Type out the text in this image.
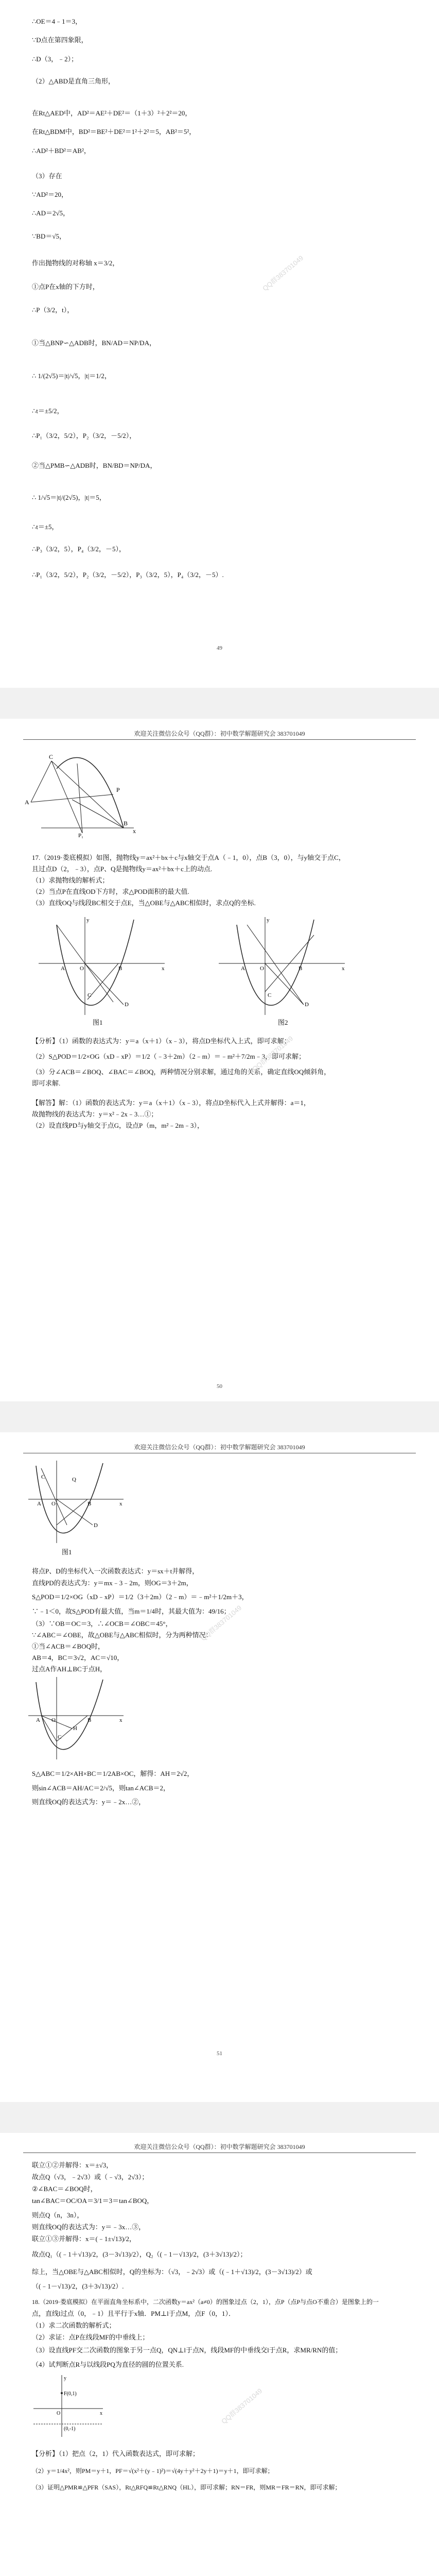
∴OE＝4﹣1＝3，
∵D点在第四象限，
∴D（3，﹣2）；
（2）△ABD是直角三角形，
在Rt△AED中，AD²＝AE²＋DE²＝（1＋3）²＋2²＝20，
在Rt△BDM中，BD²＝BE²＋DE²＝1²＋2²＝5，AB²＝5²，
∴AD²＋BD²＝AB²，
（3）存在
∵AD²＝20，
∴AD＝2√5，
∵BD＝√5，
作出抛物线的对称轴 x＝3/2，
①点P在x轴的下方时，
∴P（3/2，t），
①当△BNP∽△ADB时，BN/AD＝NP/DA，
∴ 1/(2√5)＝|t|/√5，|t|＝1/2，
∴t＝±5/2，
∴P₁（3/2，5/2），P₂（3/2，－5/2），
②当△PMB∽△ADB时，BN/BD＝NP/DA，
∴ 1/√5＝|t|/(2√5)，|t|＝5，
∴t＝±5，
∴P₃（3/2，5），P₄（3/2，－5），
∴P₁（3/2，5/2），P₂（3/2，－5/2），P₃（3/2，5），P₄（3/2，－5）.
QQ群383701049
49
欢迎关注微信公众号（QQ群）：初中数学解题研究会 383701049
C
P
A
B
x
P₁
17.（2019·娄底模拟）如图，抛物线y＝ax²＋bx＋c与x轴交于点A（﹣1，0），点B（3，0），与y轴交于点C，
且过点D（2，﹣3），点P、Q是抛物线y＝ax²＋bx＋c上的动点.
（1）求抛物线的解析式；
（2）当点P在直线OD下方时，求△POD面积的最大值.
（3）直线OQ与线段BC相交于点E，当△OBE与△ABC相似时，求点Q的坐标.
A	O	B
C
D
x
y
图1
A	O	B
C
D
x
y
图2
【分析】（1）函数的表达式为：y＝a（x＋1）（x﹣3），将点D坐标代入上式，即可求解；
（2）S△POD＝1/2×OG（xD﹣xP）＝1/2（﹣3＋2m）（2﹣m）＝﹣m²＋7/2m﹣3，即可求解；
（3）分∠ACB＝∠BOQ、∠BAC＝∠BOQ，两种情况分别求解，通过角的关系，确定直线OQ倾斜角，
即可求解.
【解答】解：（1）函数的表达式为：y＝a（x＋1）（x﹣3），将点D坐标代入上式并解得：a＝1，
故抛物线的表达式为：y＝x²﹣2x﹣3…①；
（2）设直线PD与y轴交于点G，设点P（m，m²﹣2m﹣3），
QQ群383701049
50
欢迎关注微信公众号（QQ群）：初中数学解题研究会 383701049
C	Q
A O	B	x
D
图1
将点P、D的坐标代入一次函数表达式：y＝sx＋t并解得，
直线PD的表达式为：y＝mx﹣3﹣2m，则OG＝3＋2m，
S△POD＝1/2×OG（xD﹣xP）＝1/2（3＋2m）（2﹣m）＝﹣m²＋1/2m＋3，
∵﹣1＜0，故S△POD有最大值，当m＝1/4时，其最大值为：49/16；
（3）∵OB＝OC＝3，∴∠OCB＝∠OBC＝45°，
∵∠ABC＝∠OBE，故△OBE与△ABC相似时，分为两种情况：
①当∠ACB＝∠BOQ时，
AB＝4，BC＝3√2，AC＝√10，
过点A作AH⊥BC于点H，
C
H
A O	B	x
S△ABC＝1/2×AH×BC＝1/2AB×OC，解得：AH＝2√2，
则sin∠ACB＝AH/AC＝2/√5，则tan∠ACB＝2，
则直线OQ的表达式为：y＝﹣2x…②，
QQ群383701049
51
欢迎关注微信公众号（QQ群）：初中数学解题研究会 383701049
联立①②并解得：x＝±√3，
故点Q（√3，﹣2√3）或（﹣√3，2√3）；
②∠BAC＝∠BOQ时，
tan∠BAC＝OC/OA＝3/1＝3＝tan∠BOQ，
则点Q（n，3n），
则直线OQ的表达式为：y＝﹣3x…③，
联立①③并解得：x＝(﹣1±√13)/2，
故点Q₁（(﹣1＋√13)/2，(3－3√13)/2），Q₂（(﹣1－√13)/2，(3＋3√13)/2）；
综上，当△OBE与△ABC相似时，Q的坐标为：（√3，﹣2√3）或（(﹣1＋√13)/2，(3－3√13)/2）或
（(﹣1－√13)/2，(3＋3√13)/2）.
18.（2019·娄底模拟）在平面直角坐标系中，二次函数y＝ax²（a≠0）的图象过点（2，1），点P（点P与点O不重合）是图象上的一
点，直线l过点（0，﹣1）且平行于x轴．PM⊥l于点M，点F（0，1）．
（1）求二次函数的解析式；
（2）求证：点P在线段MF的中垂线上；
（3）设直线PF交二次函数的图象于另一点Q，QN⊥l于点N，线段MF的中垂线交l于点R，求MR/RN的值；
（4）试判断点R与以线段PQ为直径的圆的位置关系.
y
F(0,1)
O	x
(0,-1)
【分析】（1）把点（2，1）代入函数表达式，即可求解；
（2）y＝1/4x²，则PM＝y＋1，PF＝√(x²＋(y﹣1)²)＝√(4y＋y²＋2y＋1)＝y＋1，即可求解；
（3）证明△PMR≌△PFR（SAS），Rt△RFQ≌Rt△RNQ（HL），即可求解；RN＝FR，则MR＝FR＝RN，即可求解；
QQ群383701049
